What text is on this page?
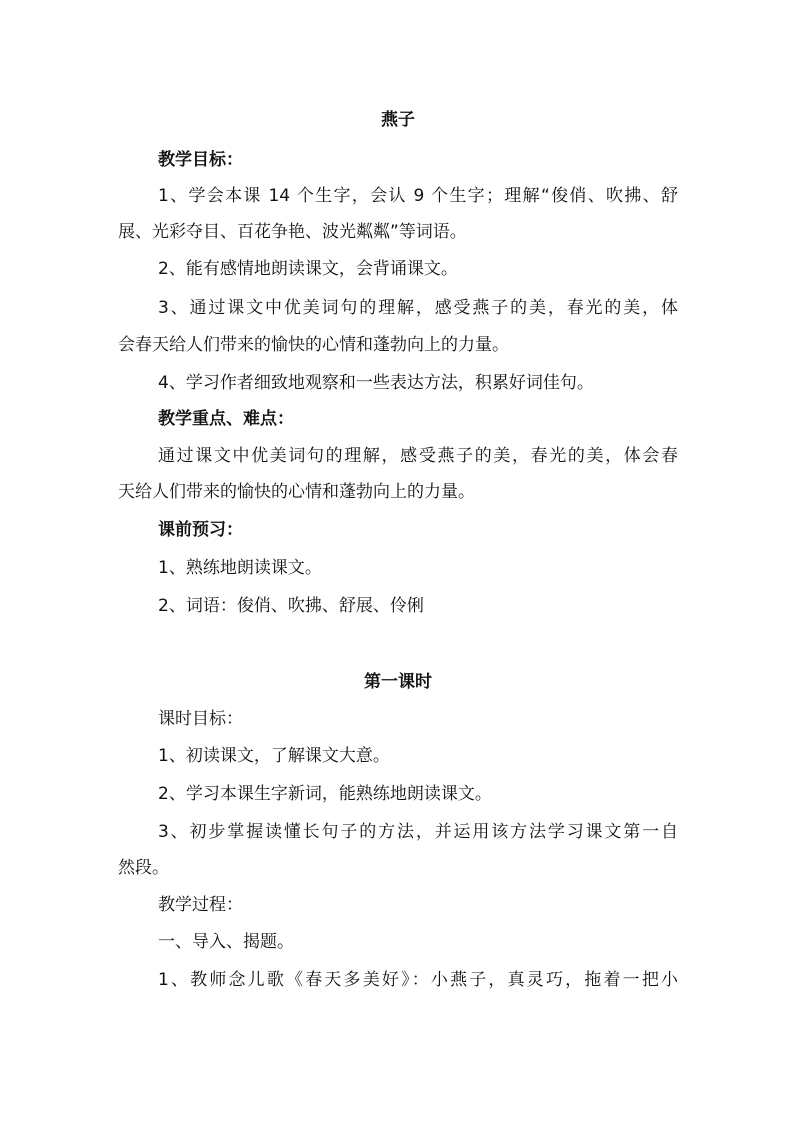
燕子
教学目标：
1、学会本课 14 个生字，会认 9 个生字；理解“俊俏、吹拂、舒
展、光彩夺目、百花争艳、波光粼粼”等词语。
2、能有感情地朗读课文，会背诵课文。
3、通过课文中优美词句的理解，感受燕子的美，春光的美，体
会春天给人们带来的愉快的心情和蓬勃向上的力量。
4、学习作者细致地观察和一些表达方法，积累好词佳句。
教学重点、难点：
通过课文中优美词句的理解，感受燕子的美，春光的美，体会春
天给人们带来的愉快的心情和蓬勃向上的力量。
课前预习：
1、熟练地朗读课文。
2、词语：俊俏、吹拂、舒展、伶俐
第一课时
课时目标：
1、初读课文，了解课文大意。
2、学习本课生字新词，能熟练地朗读课文。
3、初步掌握读懂长句子的方法，并运用该方法学习课文第一自
然段。
教学过程：
一、导入、揭题。
1、教师念儿歌《春天多美好》：小燕子，真灵巧，拖着一把小
